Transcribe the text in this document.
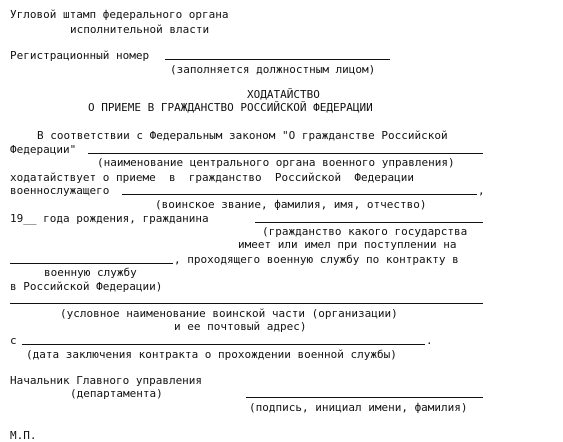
Угловой штамп федерального органа
исполнительной власти
Регистрационный номер
(заполняется должностным лицом)
ХОДАТАЙСТВО
О ПРИЕМЕ В ГРАЖДАНСТВО РОССИЙСКОЙ ФЕДЕРАЦИИ
В соответствии с Федеральным законом "О гражданстве Российской
Федерации"
(наименование центрального органа военного управления)
ходатайствует о приеме  в  гражданство  Российской  Федерации
военнослужащего	,
(воинское звание, фамилия, имя, отчество)
19__ года рождения, гражданина
(гражданство какого государства
имеет или имел при поступлении на
, проходящего военную службу по контракту в
военную службу
в Российской Федерации)
(условное наименование воинской части (организации)
и ее почтовый адрес)
с	.
(дата заключения контракта о прохождении военной службы)
Начальник Главного управления
(департамента)
(подпись, инициал имени, фамилия)
М.П.
